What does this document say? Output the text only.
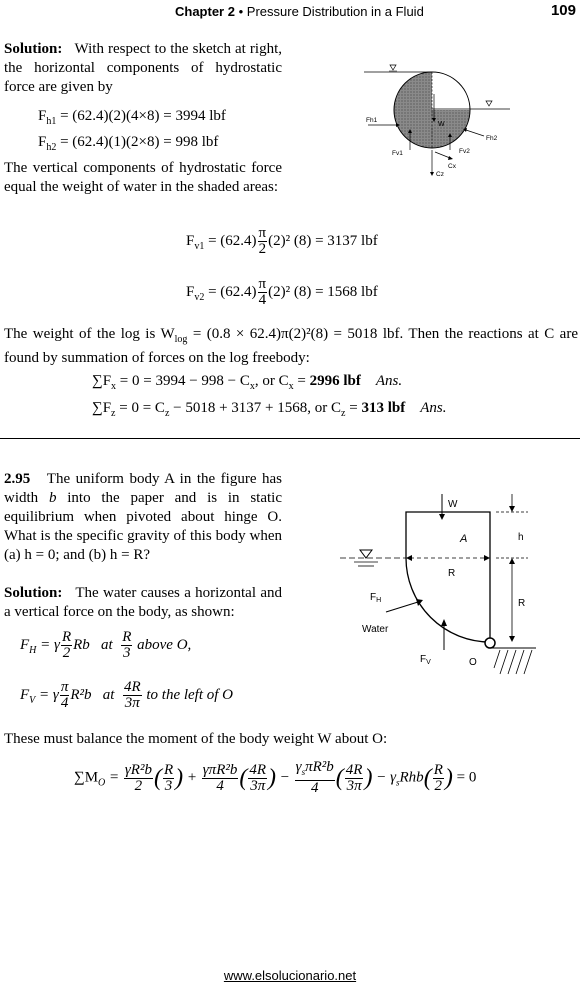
Chapter 2 • Pressure Distribution in a Fluid	109
Solution: With respect to the sketch at right, the horizontal components of hydrostatic force are given by
$F_{h1} = (62.4)(2)(4\times 8) = 3994$ lbf
$F_{h2} = (62.4)(1)(2\times 8) = 998$ lbf
The vertical components of hydrostatic force equal the weight of water in the shaded areas:
$F_{v1} = (62.4) \frac{\pi}{2} (2)^2$ (8) = 3137 lbf
$F_{v2} = (62.4) \frac{\pi}{4} (2)^2$ (8) = 1568 lbf
The weight of the log is $W_{log} = (0.8 \times 62.4)\pi(2)^2(8) = 5018$ lbf. Then the reactions at C are found by summation of forces on the log freebody:
$\sum F_x = 0 = 3994 - 998 - C_x$, or $C_x = 2996$ lbf Ans.
$\sum F_z = 0 = C_z - 5018 + 3137 + 1568$, or $C_z = 313$ lbf Ans.
W
Fh1
Fh2
Fv1	Fv2
Cx
Cz
2.95 The uniform body A in the figure has width b into the paper and is in static equilibrium when pivoted about hinge O. What is the specific gravity of this body when (a) h = 0; and (b) h = R?
Solution: The water causes a horizontal and a vertical force on the body, as shown:
$F_H = \gamma \frac{R}{2}$ Rb at $\frac{R}{3}$ above O,
$F_V = \gamma \frac{\pi}{4} R^2b$ at $\frac{4R}{3\pi}$ to the left of O
These must balance the moment of the body weight W about O:
$\sum M_O = \frac{\text{γR²b}}{2}$ ( $\frac{R}{3}$ ) + $\frac{\text{γπR²b}}{4}$ ( $\frac{4R}{3\pi}$ ) − $\frac{\gamma_s\pi R^2b}{4}$ ( $\frac{4R}{3\pi}$ ) − $\gamma_sRhb( \frac{R}{2}$ ) = 0
W
A
R
h
R
$F_H$
Water
$F_V$	O
www.elsolucionario.net
